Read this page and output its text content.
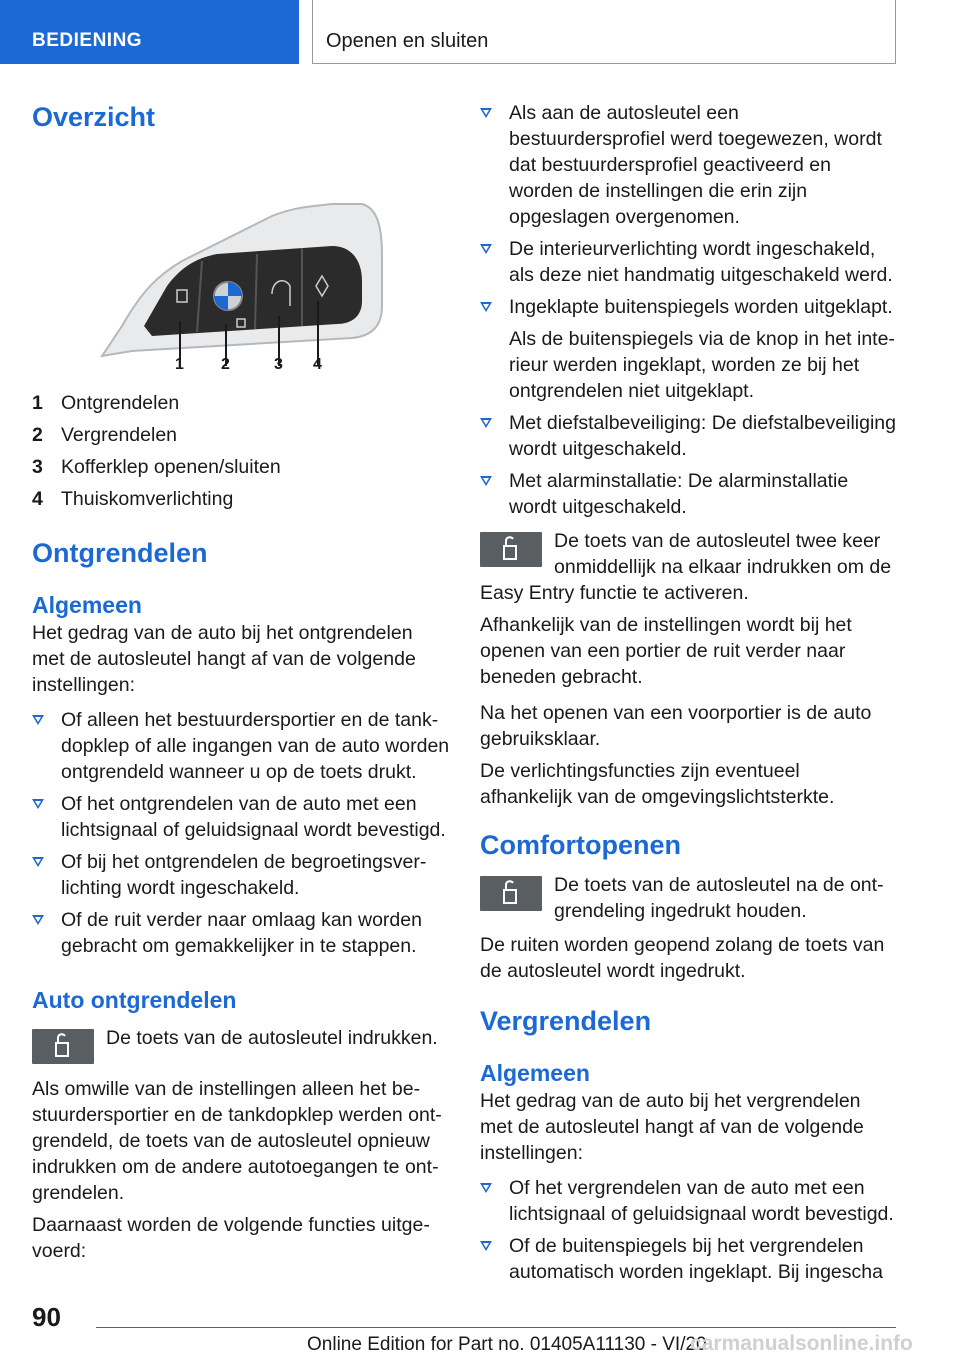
BEDIENING	Openen en sluiten
Overzicht
1 2	3 4
1 Ontgrendelen
2 Vergrendelen
3 Kofferklep openen/sluiten
4 Thuiskomverlichting
Ontgrendelen
Algemeen

Het gedrag van de auto bij het ontgrendelen met de autosleutel hangt af van de volgende instellingen:

Of alleen het bestuurdersportier en de tankdopklep of alle ingangen van de auto worden ontgrendeld wanneer u op de toets drukt.
Of het ontgrendelen van de auto met een lichtsignaal of geluidsignaal wordt bevestigd.
Of bij het ontgrendelen de begroetingsverlichting wordt ingeschakeld.
Of de ruit verder naar omlaag kan worden gebracht om gemakkelijker in te stappen.
Auto ontgrendelen

De toets van de autosleutel indrukken.

Als omwille van de instellingen alleen het bestuurdersportier en de tankdopklep werden ontgrendeld, de toets van de autosleutel opnieuw indrukken om de andere autotoegangen te ontgrendelen.

Daarnaast worden de volgende functies uitgevoerd:

Als aan de autosleutel een bestuurdersprofiel werd toegewezen, wordt dat bestuurdersprofiel geactiveerd en worden de instellingen die erin zijn opgeslagen overgenomen.
De interieurverlichting wordt ingeschakeld, als deze niet handmatig uitgeschakeld werd.
Ingeklapte buitenspiegels worden uitgeklapt.

Als de buitenspiegels via de knop in het interieur werden ingeklapt, worden ze bij het ontgrendelen niet uitgeklapt.

Met diefstalbeveiliging: De diefstalbeveiliging wordt uitgeschakeld.
Met alarminstallatie: De alarminstallatie wordt uitgeschakeld.

De toets van de autosleutel twee keer onmiddellijk na elkaar indrukken om de Easy Entry functie te activeren.

Afhankelijk van de instellingen wordt bij het openen van een portier de ruit verder naar beneden gebracht.

Na het openen van een voorportier is de auto gebruiksklaar.

De verlichtingsfuncties zijn eventueel afhankelijk van de omgevingslichtsterkte.

Comfortopenen

De toets van de autosleutel na de ontgrendeling ingedrukt houden.

De ruiten worden geopend zolang de toets van de autosleutel wordt ingedrukt.

Vergrendelen
Algemeen

Het gedrag van de auto bij het vergrendelen met de autosleutel hangt af van de volgende instellingen:

Of het vergrendelen van de auto met een lichtsignaal of geluidsignaal wordt bevestigd.
Of de buitenspiegels bij het vergrendelen automatisch worden ingeklapt. Bij ingescha
90
Online Edition for Part no. 01405A11130 - VI/20
carmanualsonline.info
